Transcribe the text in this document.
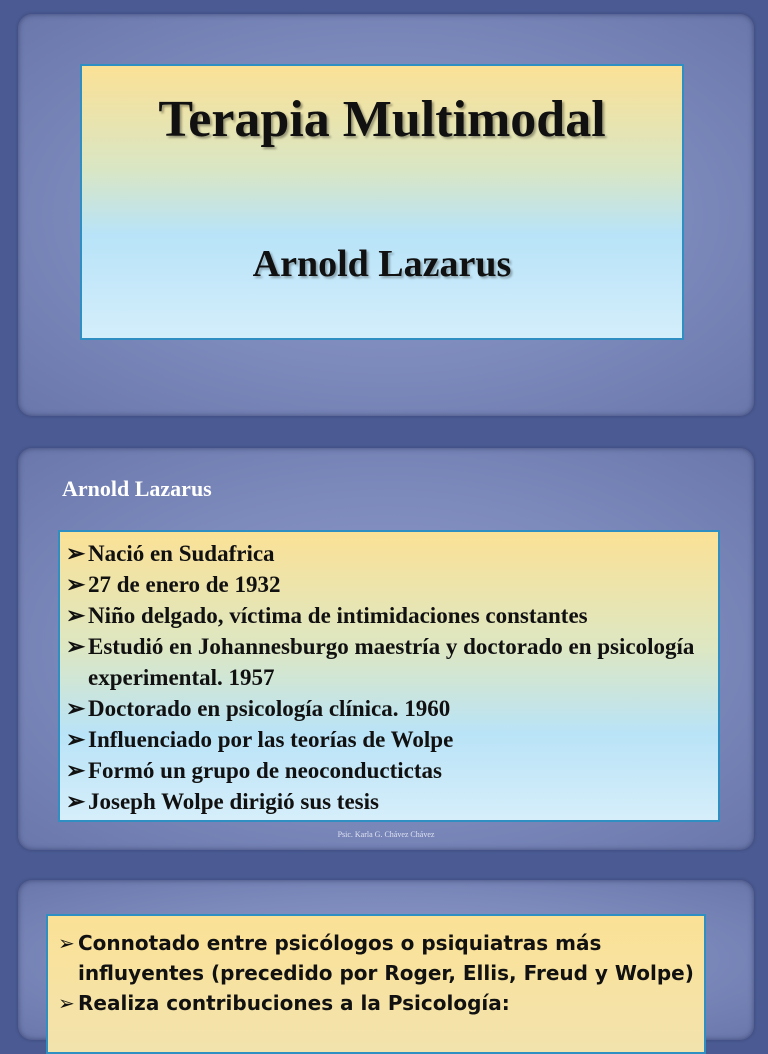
Terapia Multimodal
Arnold Lazarus
Arnold Lazarus
➢ Nació en Sudafrica
➢ 27 de enero de 1932
➢ Niño delgado, víctima de intimidaciones constantes
➢ Estudió en Johannesburgo maestría y doctorado en psicología experimental. 1957
➢ Doctorado en psicología clínica. 1960
➢ Influenciado por las teorías de Wolpe
➢ Formó un grupo de neoconductictas
➢ Joseph Wolpe dirigió sus tesis
Psic. Karla G. Chávez Chávez
➢ Connotado entre psicólogos o psiquiatras más influyentes (precedido por Roger, Ellis, Freud y Wolpe)
➢ Realiza contribuciones a la Psicología:
